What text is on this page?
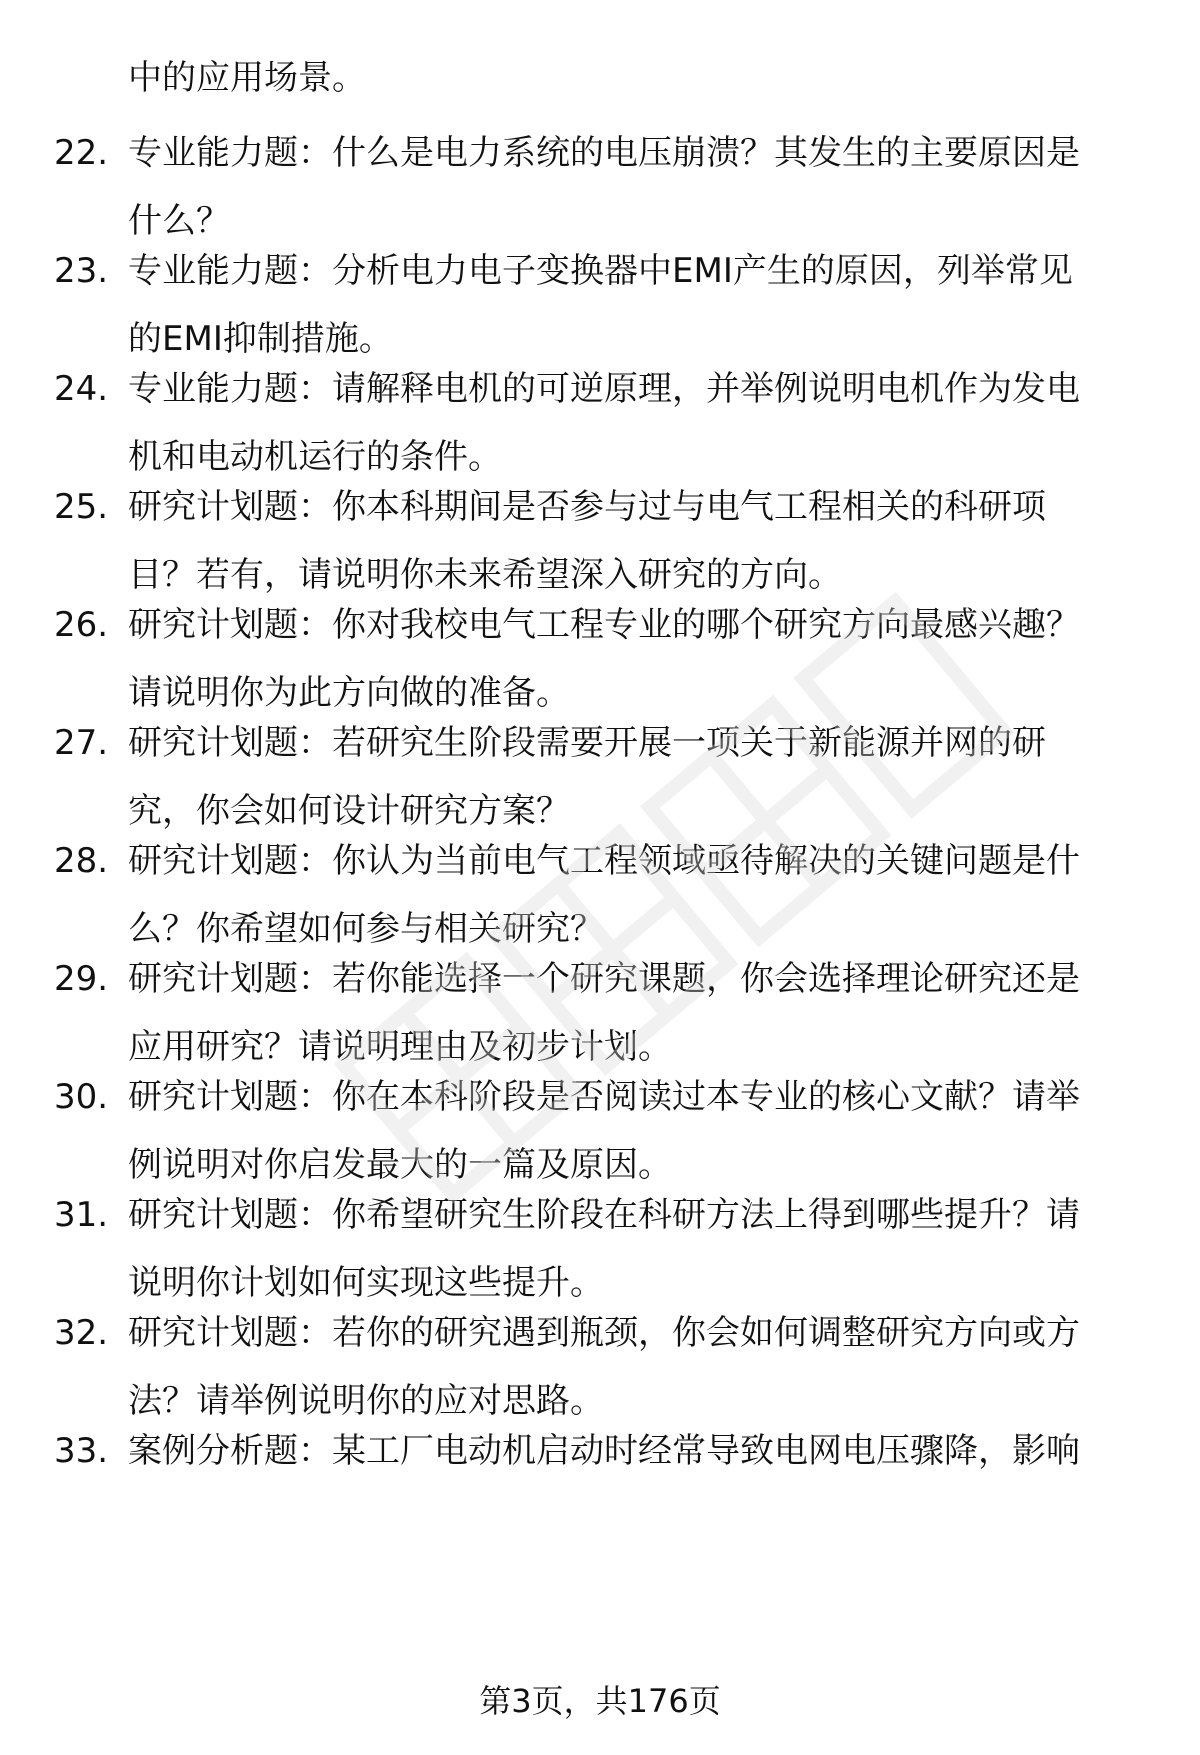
中的应用场景。
22. 专业能力题：什么是电力系统的电压崩溃？其发生的主要原因是
什么？
23. 专业能力题：分析电力电子变换器中EMI产生的原因，列举常见
的EMI抑制措施。
24. 专业能力题：请解释电机的可逆原理，并举例说明电机作为发电
机和电动机运行的条件。
25. 研究计划题：你本科期间是否参与过与电气工程相关的科研项
目？若有，请说明你未来希望深入研究的方向。
26. 研究计划题：你对我校电气工程专业的哪个研究方向最感兴趣？
请说明你为此方向做的准备。
27. 研究计划题：若研究生阶段需要开展一项关于新能源并网的研
究，你会如何设计研究方案？
28. 研究计划题：你认为当前电气工程领域亟待解决的关键问题是什
么？你希望如何参与相关研究？
29. 研究计划题：若你能选择一个研究课题，你会选择理论研究还是
应用研究？请说明理由及初步计划。
30. 研究计划题：你在本科阶段是否阅读过本专业的核心文献？请举
例说明对你启发最大的一篇及原因。
31. 研究计划题：你希望研究生阶段在科研方法上得到哪些提升？请
说明你计划如何实现这些提升。
32. 研究计划题：若你的研究遇到瓶颈，你会如何调整研究方向或方
法？请举例说明你的应对思路。
33. 案例分析题：某工厂电动机启动时经常导致电网电压骤降，影响
第3页，共176页
